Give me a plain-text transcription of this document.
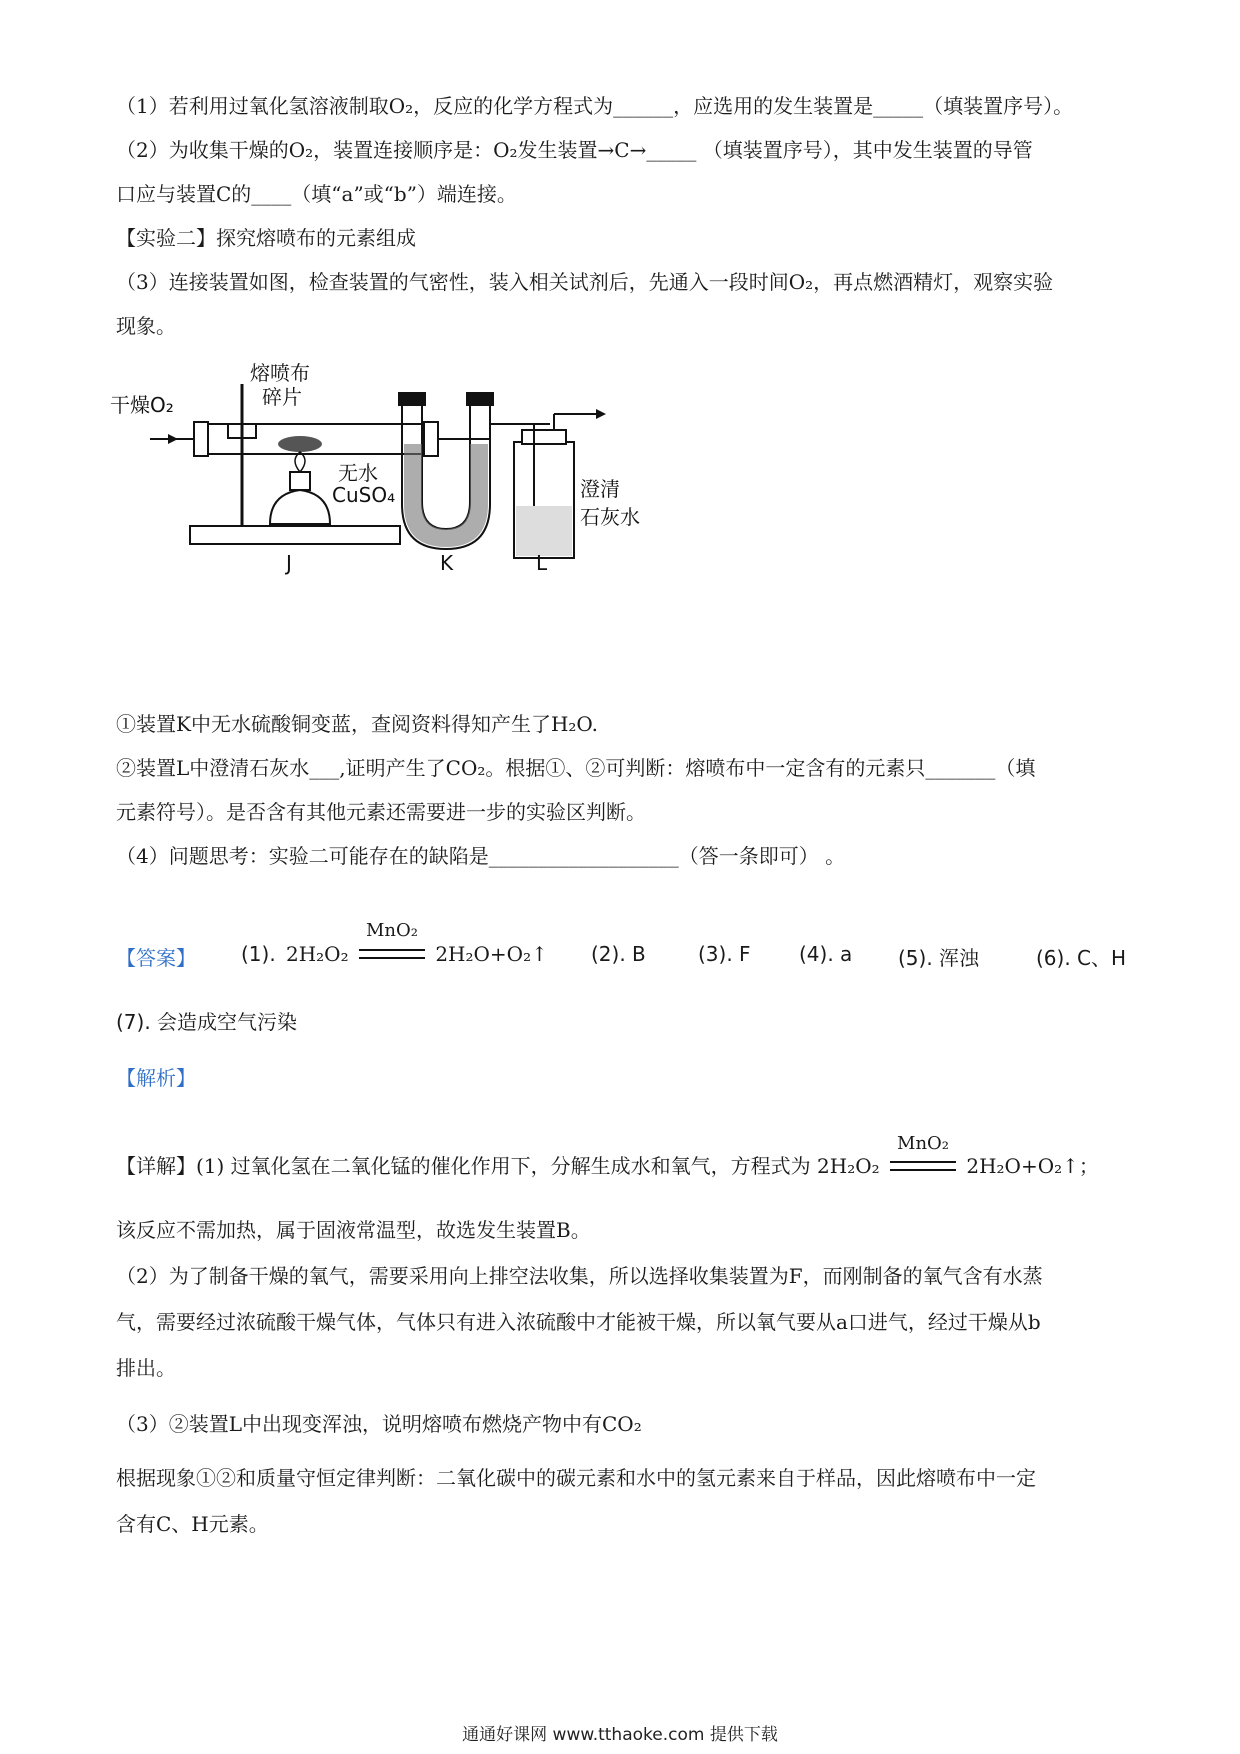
（1）若利用过氧化氢溶液制取O₂，反应的化学方程式为______，应选用的发生装置是_____（填装置序号）。
（2）为收集干燥的O₂，装置连接顺序是：O₂发生装置→C→_____ （填装置序号），其中发生装置的导管
口应与装置C的____（填“a”或“b”）端连接。
【实验二】探究熔喷布的元素组成
（3）连接装置如图，检查装置的气密性，装入相关试剂后，先通入一段时间O₂，再点燃酒精灯，观察实验
现象。
干燥O₂
熔喷布
碎片
无水
CuSO₄	澄清
石灰水
J	K	L
①装置K中无水硫酸铜变蓝，查阅资料得知产生了H₂O.
②装置L中澄清石灰水___,证明产生了CO₂。根据①、②可判断：熔喷布中一定含有的元素只_______（填
元素符号）。是否含有其他元素还需要进一步的实验区判断。
（4）问题思考：实验二可能存在的缺陷是___________________（答一条即可） 。
【答案】 (1). 2H₂O₂
MnO₂
2H₂O+O₂↑ (2). B	(3). F (4). a (5). 浑浊	(6). C、H
(7). 会造成空气污染
【解析】
【详解】(1) 过氧化氢在二氧化锰的催化作用下，分解生成水和氧气，方程式为 2H₂O₂
MnO₂
2H₂O+O₂↑；
该反应不需加热，属于固液常温型，故选发生装置B。
（2）为了制备干燥的氧气，需要采用向上排空法收集，所以选择收集装置为F，而刚制备的氧气含有水蒸
气，需要经过浓硫酸干燥气体，气体只有进入浓硫酸中才能被干燥，所以氧气要从a口进气，经过干燥从b
排出。
（3）②装置L中出现变浑浊，说明熔喷布燃烧产物中有CO₂
根据现象①②和质量守恒定律判断：二氧化碳中的碳元素和水中的氢元素来自于样品，因此熔喷布中一定
含有C、H元素。
通通好课网 www.tthaoke.com 提供下载
